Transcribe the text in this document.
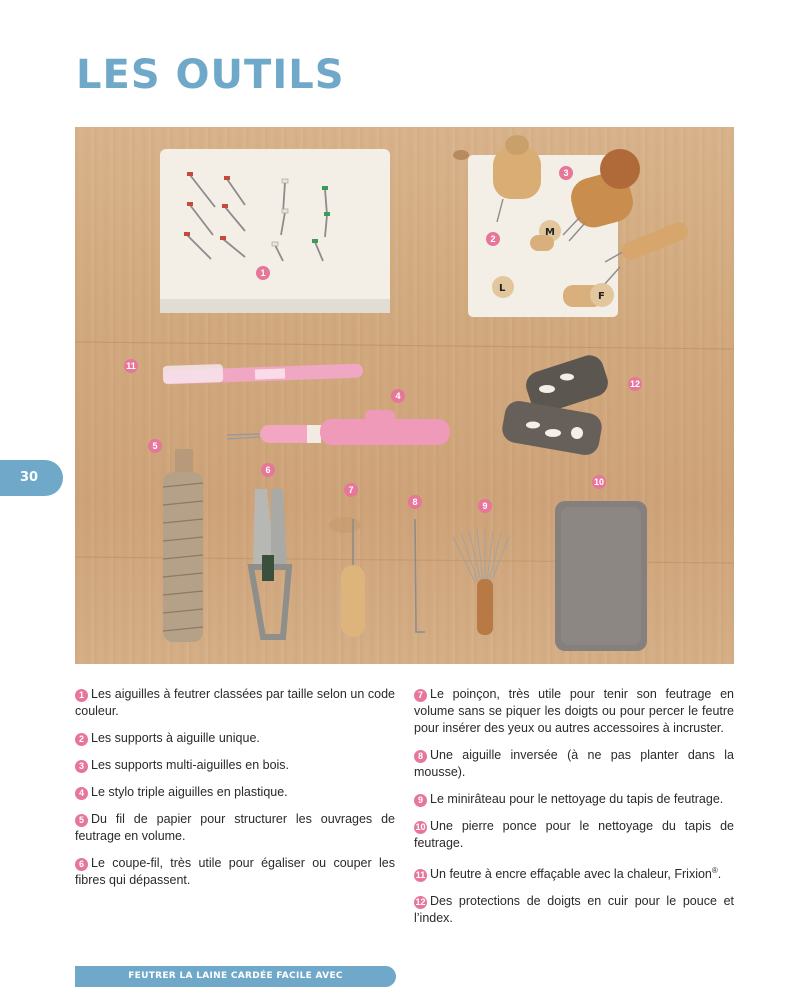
LES OUTILS
M
L
F
1
2
3
4
5
6
7
8	9
10
11
12
30

1 Les aiguilles à feutrer classées par taille selon un code couleur.

2 Les supports à aiguille unique.

3 Les supports multi-aiguilles en bois.

4 Le stylo triple aiguilles en plastique.

5 Du fil de papier pour structurer les ouvrages de feutrage en volume.

6 Le coupe-fil, très utile pour égaliser ou couper les fibres qui dépassent.

7 Le poinçon, très utile pour tenir son feutrage en volume sans se piquer les doigts ou pour percer le feutre pour insérer des yeux ou autres accessoires à incruster.

8 Une aiguille inversée (à ne pas planter dans la mousse).

9 Le minirâteau pour le nettoyage du tapis de feutrage.

10 Une pierre ponce pour le nettoyage du tapis de feutrage.

11 Un feutre à encre effaçable avec la chaleur, Frixion®.

12 Des protections de doigts en cuir pour le pouce et l’index.

FEUTRER LA LAINE CARDÉE FACILE AVEC CREAPASSIONS.COM
